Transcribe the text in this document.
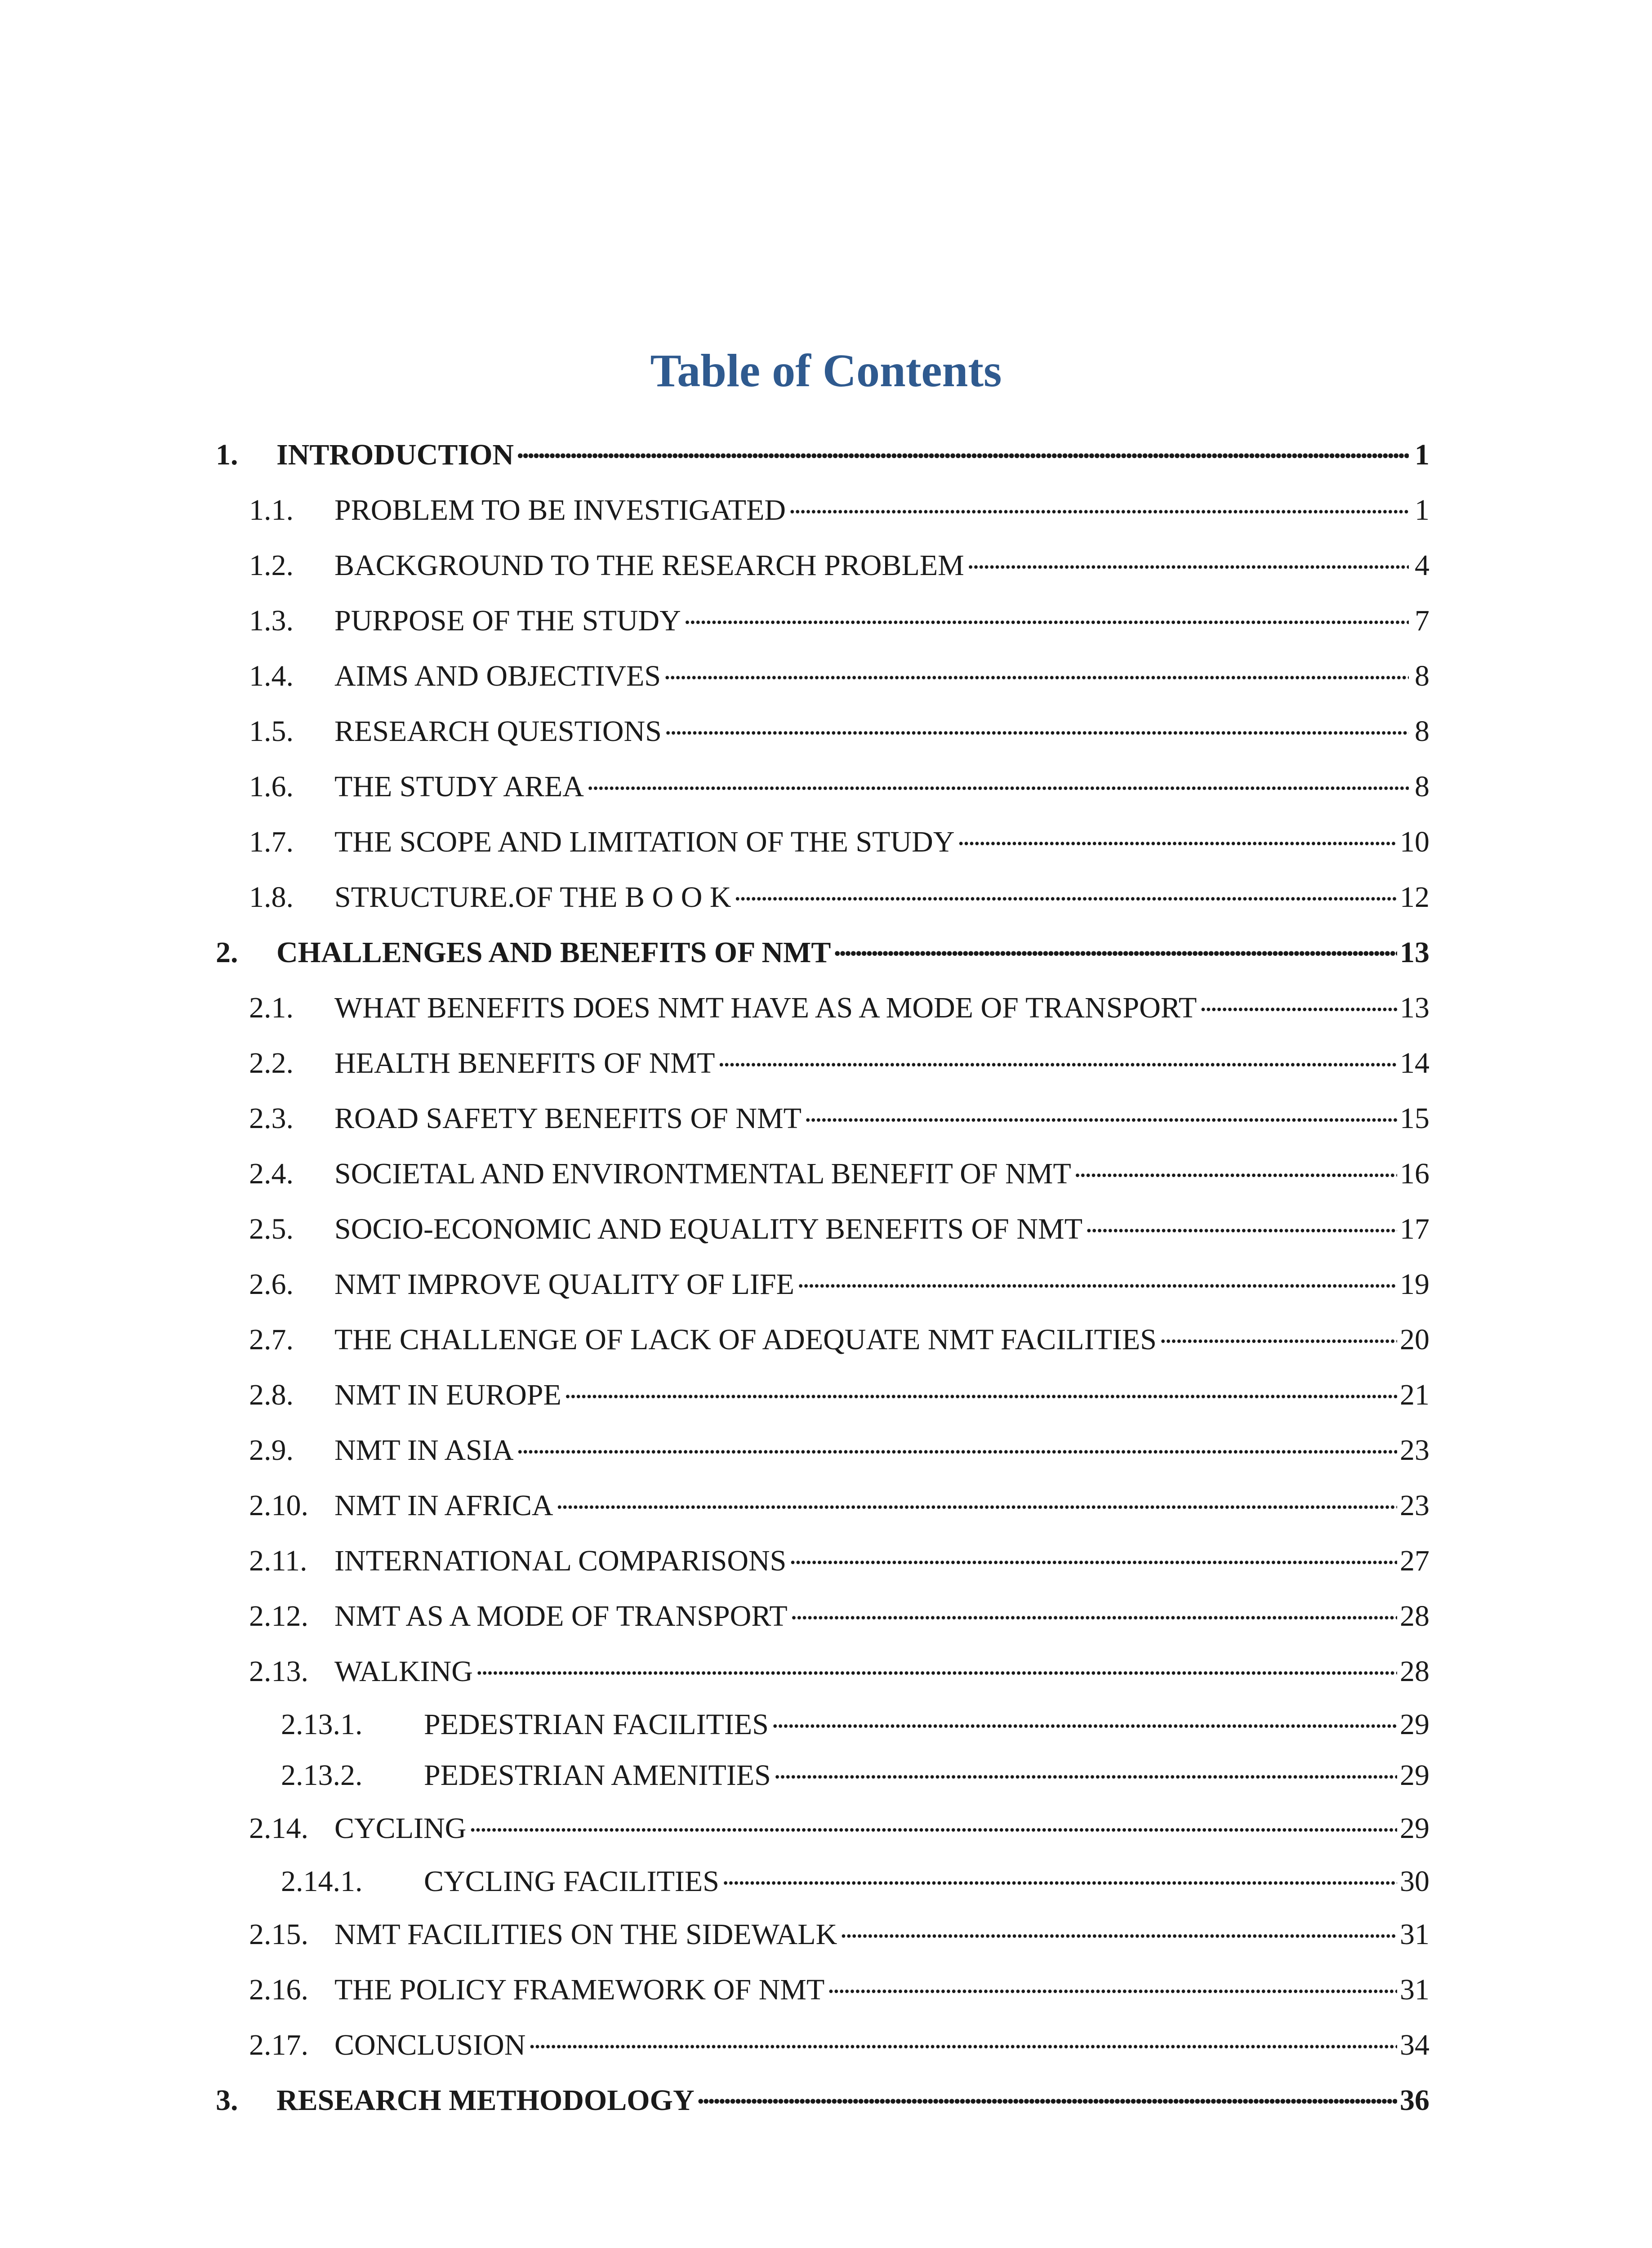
Table of Contents
1.	INTRODUCTION . . .	1
1.1.	PROBLEM TO BE INVESTIGATED . . .	1
1.2.	BACKGROUND TO THE RESEARCH PROBLEM . . .	4
1.3.	PURPOSE OF THE STUDY . . .	7
1.4.	AIMS AND OBJECTIVES . . .	8
1.5.	RESEARCH QUESTIONS . . .	8
1.6.	THE STUDY AREA . . .	8
1.7.	THE SCOPE AND LIMITATION OF THE STUDY . . .	10
1.8.	STRUCTURE.OF THE B O O K . . .	12
2.	CHALLENGES AND BENEFITS OF NMT . . .	13
2.1.	WHAT BENEFITS DOES NMT HAVE AS A MODE OF TRANSPORT . . .	13
2.2.	HEALTH BENEFITS OF NMT . . .	14
2.3.	ROAD SAFETY BENEFITS OF NMT . . .	15
2.4.	SOCIETAL AND ENVIRONTMENTAL BENEFIT OF NMT . . .	16
2.5.	SOCIO-ECONOMIC AND EQUALITY BENEFITS OF NMT . . .	17
2.6.	NMT IMPROVE QUALITY OF LIFE . . .	19
2.7.	THE CHALLENGE OF LACK OF ADEQUATE NMT FACILITIES . . .	20
2.8.	NMT IN EUROPE . . .	21
2.9.	NMT IN ASIA . . .	23
2.10. NMT IN AFRICA . . .	23
2.11. INTERNATIONAL COMPARISONS . . .	27
2.12. NMT AS A MODE OF TRANSPORT . . .	28
2.13. WALKING . . .	28
2.13.1.	PEDESTRIAN FACILITIES . . .	29
2.13.2.	PEDESTRIAN AMENITIES . . .	29
2.14. CYCLING . . .	29
2.14.1.	CYCLING FACILITIES . . .	30
2.15. NMT FACILITIES ON THE SIDEWALK . . .	31
2.16. THE POLICY FRAMEWORK OF NMT . . .	31
2.17. CONCLUSION . . .	34
3.	RESEARCH METHODOLOGY . . .	36
